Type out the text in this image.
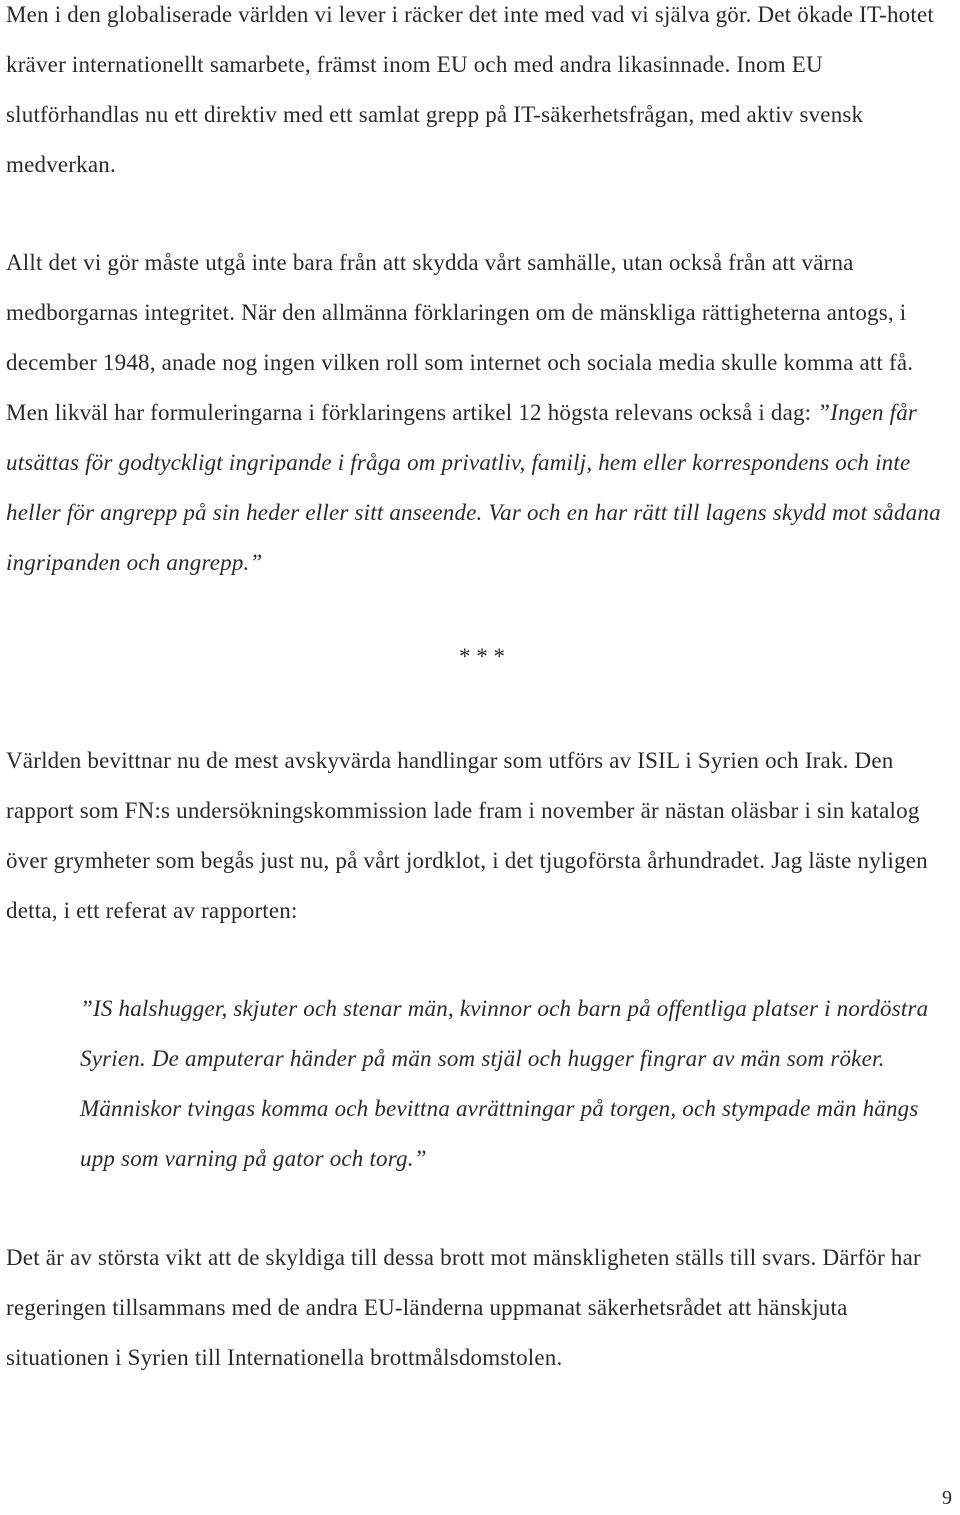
Men i den globaliserade världen vi lever i räcker det inte med vad vi själva gör. Det ökade IT-hotet kräver internationellt samarbete, främst inom EU och med andra likasinnade. Inom EU slutförhandlas nu ett direktiv med ett samlat grepp på IT-säkerhetsfrågan, med aktiv svensk medverkan.

Allt det vi gör måste utgå inte bara från att skydda vårt samhälle, utan också från att värna medborgarnas integritet. När den allmänna förklaringen om de mänskliga rättigheterna antogs, i december 1948, anade nog ingen vilken roll som internet och sociala media skulle komma att få. Men likväl har formuleringarna i förklaringens artikel 12 högsta relevans också i dag: ”Ingen får utsättas för godtyckligt ingripande i fråga om privatliv, familj, hem eller korrespondens och inte heller för angrepp på sin heder eller sitt anseende. Var och en har rätt till lagens skydd mot sådana ingripanden och angrepp.”

* * *

Världen bevittnar nu de mest avskyvärda handlingar som utförs av ISIL i Syrien och Irak. Den rapport som FN:s undersökningskommission lade fram i november är nästan oläsbar i sin katalog över grymheter som begås just nu, på vårt jordklot, i det tjugoförsta århundradet. Jag läste nyligen detta, i ett referat av rapporten:

”IS halshugger, skjuter och stenar män, kvinnor och barn på offentliga platser i nordöstra Syrien. De amputerar händer på män som stjäl och hugger fingrar av män som röker. Människor tvingas komma och bevittna avrättningar på torgen, och stympade män hängs upp som varning på gator och torg.”

Det är av största vikt att de skyldiga till dessa brott mot mänskligheten ställs till svars. Därför har regeringen tillsammans med de andra EU-länderna uppmanat säkerhetsrådet att hänskjuta situationen i Syrien till Internationella brottmålsdomstolen.

9
